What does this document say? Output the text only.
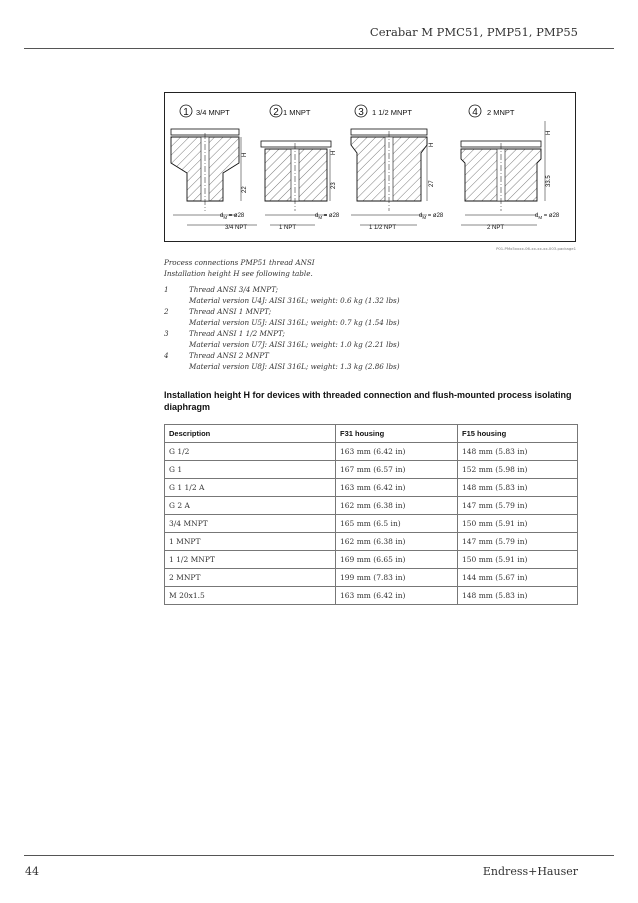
Cerabar M PMC51, PMP51, PMP55
1 3/4 MNPT
H
22
$d_M$ = ø28
3/4 NPT
2 1 MNPT
H
23
$d_M$ = ø28
1 NPT
3 1 1/2 MNPT
H
27
$d_M$ = ø28
1 1/2 NPT
4 2 MNPT
H
33.5
$d_M$ = ø28
2 NPT
P01-PMx5xxxx-06-xx-xx-xx-003-package1
Process connections PMP51 thread ANSI
Installation height H see following table.
1	Thread ANSI 3/4 MNPT;
Material version U4J: AISI 316L; weight: 0.6 kg (1.32 lbs)
2	Thread ANSI 1 MNPT;
Material version U5J: AISI 316L; weight: 0.7 kg (1.54 lbs)
3	Thread ANSI 1 1/2 MNPT;
Material version U7J: AISI 316L; weight: 1.0 kg (2.21 lbs)
4	Thread ANSI 2 MNPT
Material version U8J: AISI 316L; weight: 1.3 kg (2.86 lbs)
Installation height H for devices with threaded connection and flush-mounted process isolating diaphragm
Description	F31 housing	F15 housing
G 1/2	163 mm (6.42 in)	148 mm (5.83 in)
G 1	167 mm (6.57 in)	152 mm (5.98 in)
G 1 1/2 A	163 mm (6.42 in)	148 mm (5.83 in)
G 2 A	162 mm (6.38 in)	147 mm (5.79 in)
3/4 MNPT	165 mm (6.5 in)	150 mm (5.91 in)
1 MNPT	162 mm (6.38 in)	147 mm (5.79 in)
1 1/2 MNPT	169 mm (6.65 in)	150 mm (5.91 in)
2 MNPT	199 mm (7.83 in)	144 mm (5.67 in)
M 20x1.5	163 mm (6.42 in)	148 mm (5.83 in)
44	Endress+Hauser
